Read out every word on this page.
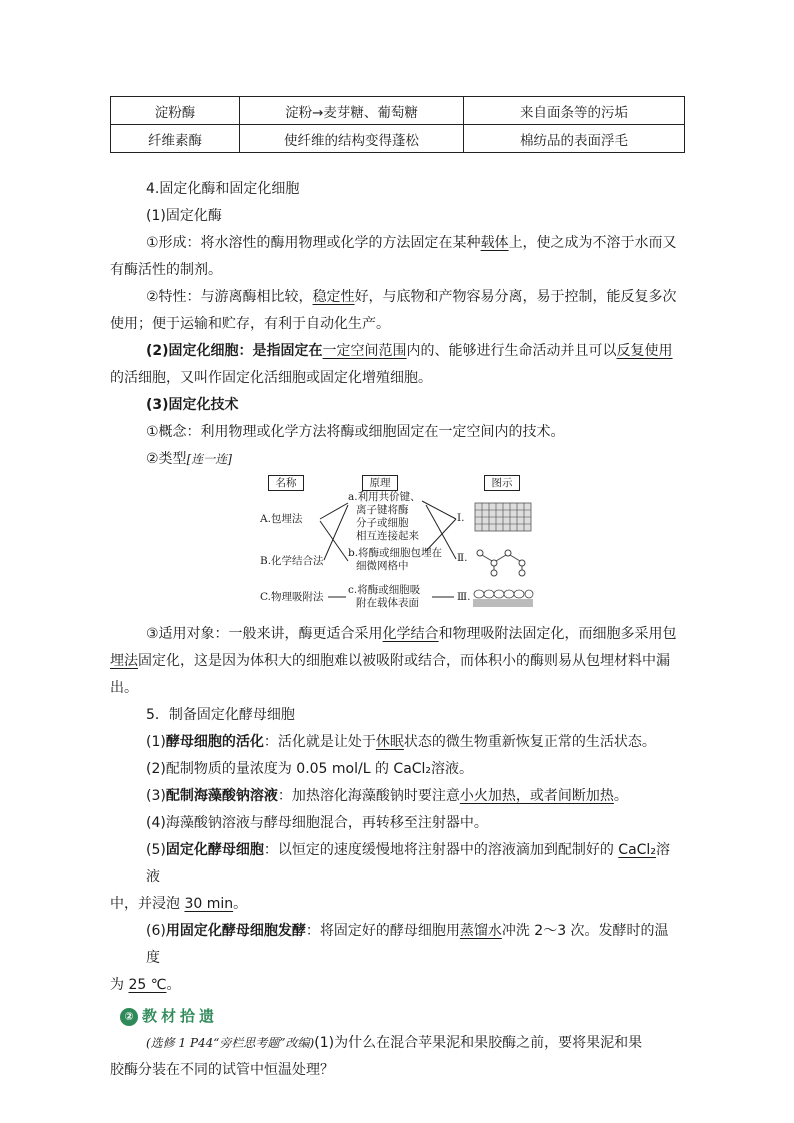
淀粉酶	淀粉→麦芽糖、葡萄糖	来自面条等的污垢
纤维素酶	使纤维的结构变得蓬松	棉纺品的表面浮毛

4.固定化酶和固定化细胞

(1)固定化酶

①形成：将水溶性的酶用物理或化学的方法固定在某种载体上，使之成为不溶于水而又

有酶活性的制剂。

②特性：与游离酶相比较，稳定性好，与底物和产物容易分离，易于控制，能反复多次

使用；便于运输和贮存，有利于自动化生产。

(2)固定化细胞：是指固定在一定空间范围内的、能够进行生命活动并且可以反复使用

的活细胞，又叫作固定化活细胞或固定化增殖细胞。

(3)固定化技术

①概念：利用物理或化学方法将酶或细胞固定在一定空间内的技术。

②类型[连一连]

名称	原理	图示
A.包埋法
B.化学结合法
C.物理吸附法
a.利用共价键、
离子键将酶
分子或细胞
相互连接起来
b.将酶或细胞包埋在
细微网格中
c.将酶或细胞吸
附在载体表面
Ⅰ.
Ⅱ.
Ⅲ.

③适用对象：一般来讲，酶更适合采用化学结合和物理吸附法固定化，而细胞多采用包

埋法固定化，这是因为体积大的细胞难以被吸附或结合，而体积小的酶则易从包埋材料中漏

出。

5．制备固定化酵母细胞

(1)酵母细胞的活化：活化就是让处于休眠状态的微生物重新恢复正常的生活状态。

(2)配制物质的量浓度为 0.05 mol/L 的 CaCl₂溶液。

(3)配制海藻酸钠溶液：加热溶化海藻酸钠时要注意小火加热，或者间断加热。

(4)海藻酸钠溶液与酵母细胞混合，再转移至注射器中。

(5)固定化酵母细胞：以恒定的速度缓慢地将注射器中的溶液滴加到配制好的 CaCl₂溶液

中，并浸泡 30 min。

(6)用固定化酵母细胞发酵：将固定好的酵母细胞用蒸馏水冲洗 2～3 次。发酵时的温度

为 25 ℃。

② 教材拾遗

(选修 1 P44“旁栏思考题”改编)(1)为什么在混合苹果泥和果胶酶之前，要将果泥和果

胶酶分装在不同的试管中恒温处理？
